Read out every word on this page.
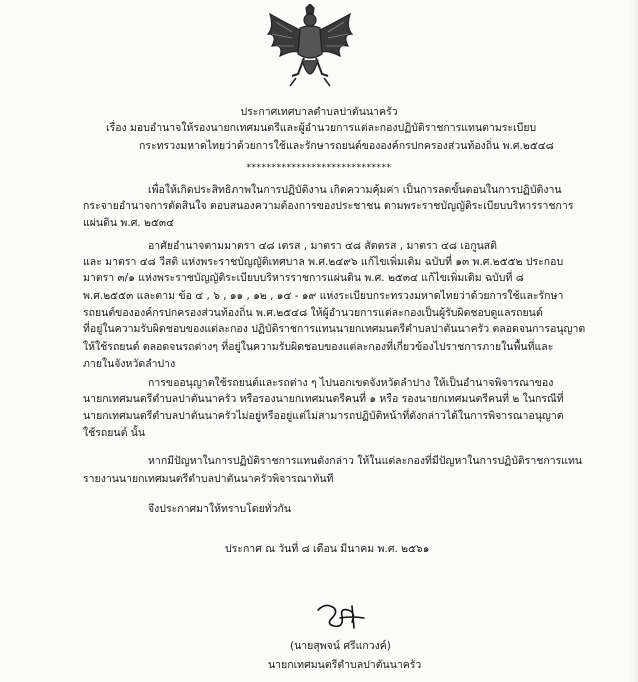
ประกาศเทศบาลตำบลปาตันนาครัว
เรื่อง มอบอำนาจให้รองนายกเทศมนตรีและผู้อำนวยการแต่ละกองปฏิบัติราชการแทนตามระเบียบ
กระทรวงมหาดไทยว่าด้วยการใช้และรักษารถยนต์ขององค์กรปกครองส่วนท้องถิ่น พ.ศ.๒๕๔๘
*****************************
เพื่อให้เกิดประสิทธิภาพในการปฏิบัติงาน เกิดความคุ้มค่า เป็นการลดขั้นตอนในการปฏิบัติงาน
กระจายอำนาจการตัดสินใจ ตอบสนองความต้องการของประชาชน ตามพระราชบัญญัติระเบียบบริหารราชการ
แผ่นดิน พ.ศ. ๒๕๓๔
อาศัยอำนาจตามมาตรา ๔๘ เตรส , มาตรา ๔๘ สัตตรส , มาตรา ๔๘ เอกูนสติ
และ มาตรา ๔๘ วีสติ แห่งพระราชบัญญัติเทศบาล พ.ศ.๒๔๙๖ แก้ไขเพิ่มเติม ฉบับที่ ๑๓ พ.ศ.๒๕๕๒ ประกอบ
มาตรา ๓/๑ แห่งพระราชบัญญัติระเบียบบริหารราชการแผ่นดิน พ.ศ. ๒๕๓๔ แก้ไขเพิ่มเติม ฉบับที่ ๘
พ.ศ.๒๕๕๓ และตาม ข้อ ๔ , ๖ , ๑๑ , ๑๒ , ๑๔ - ๑๙ แห่งระเบียบกระทรวงมหาดไทยว่าด้วยการใช้และรักษา
รถยนต์ขององค์กรปกครองส่วนท้องถิ่น พ.ศ.๒๕๔๘ ให้ผู้อำนวยการแต่ละกองเป็นผู้รับผิดชอบดูแลรถยนต์
ที่อยู่ในความรับผิดชอบของแต่ละกอง ปฏิบัติราชการแทนนายกเทศมนตรีตำบลปาตันนาครัว ตลอดจนการอนุญาต
ให้ใช้รถยนต์ ตลอดจนรถต่างๆ ที่อยู่ในความรับผิดชอบของแต่ละกองที่เกี่ยวข้องไปราชการภายในพื้นที่และ
ภายในจังหวัดลำปาง
การขออนุญาตใช้รถยนต์และรถต่าง ๆ ไปนอกเขตจังหวัดลำปาง ให้เป็นอำนาจพิจารณาของ
นายกเทศมนตรีตำบลปาตันนาครัว หรือรองนายกเทศมนตรีคนที่ ๑ หรือ รองนายกเทศมนตรีคนที่ ๒ ในกรณีที่
นายกเทศมนตรีตำบลปาตันนาครัวไม่อยู่หรืออยู่แต่ไม่สามารถปฏิบัติหน้าที่ดังกล่าวได้ในการพิจารณาอนุญาต
ใช้รถยนต์ นั้น
หากมีปัญหาในการปฏิบัติราชการแทนดังกล่าว ให้ในแต่ละกองที่มีปัญหาในการปฏิบัติราชการแทน
รายงานนายกเทศมนตรีตำบลปาตันนาครัวพิจารณาทันที
จึงประกาศมาให้ทราบโดยทั่วกัน
ประกาศ ณ วันที่ ๘ เดือน มีนาคม พ.ศ. ๒๕๖๑
(นายสุพจน์ ศรีแกวงค์)
นายกเทศมนตรีตำบลปาตันนาครัว
